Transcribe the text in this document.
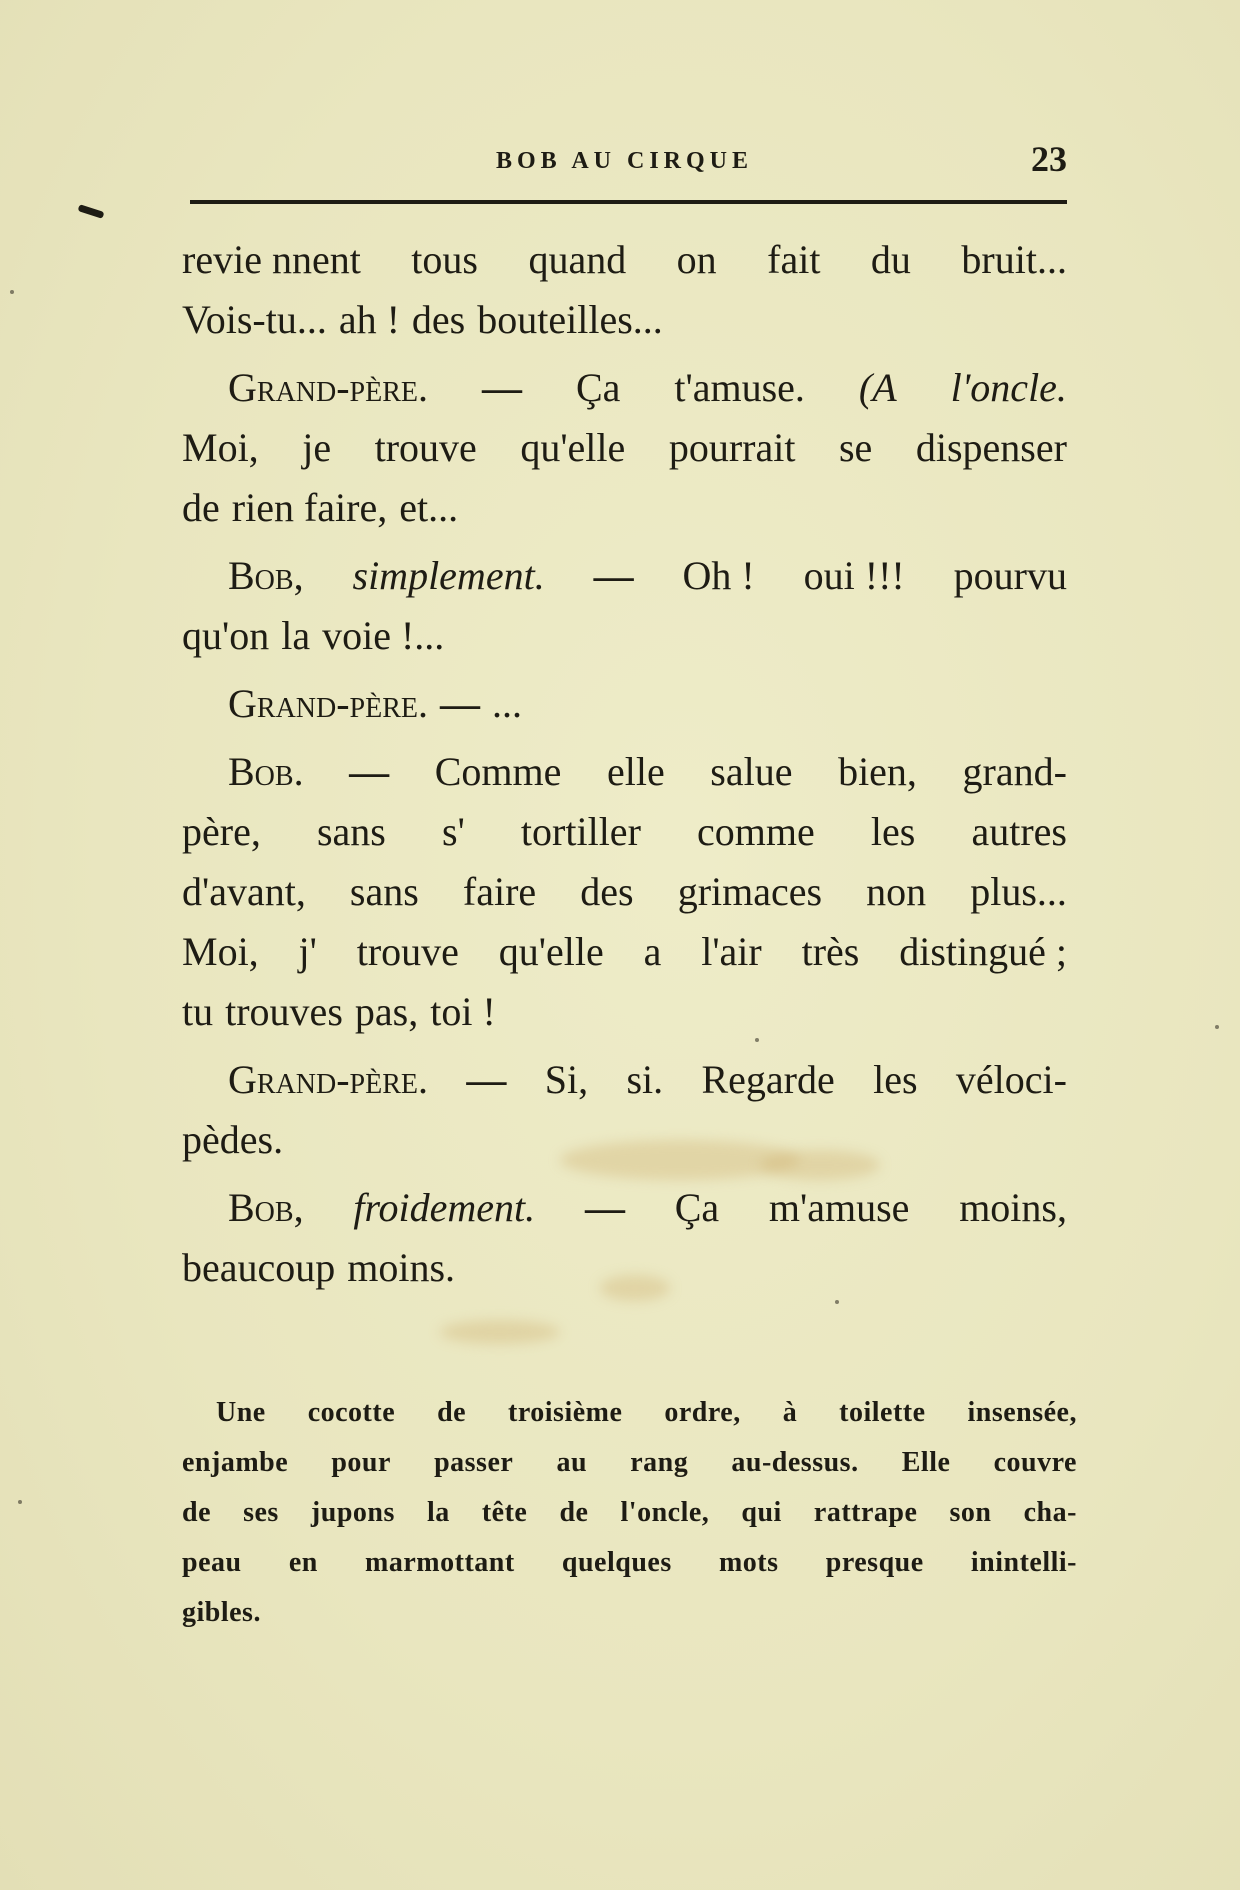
BOB AU CIRQUE	23
revie nnent tous quand on fait du bruit...
Vois-tu... ah ! des bouteilles...
Grand-père. — Ça t'amuse. (A l'oncle.
Moi, je trouve qu'elle pourrait se dispenser
de rien faire, et...
Bob, simplement. — Oh ! oui !!! pourvu
qu'on la voie !...
Grand-père. — ...
Bob. — Comme elle salue bien, grand-
père, sans s' tortiller comme les autres
d'avant, sans faire des grimaces non plus...
Moi, j' trouve qu'elle a l'air très distingué ;
tu trouves pas, toi !
Grand-père. — Si, si. Regarde les véloci-
pèdes.
Bob, froidement. — Ça m'amuse moins,
beaucoup moins.
Une cocotte de troisième ordre, à toilette insensée,
enjambe pour passer au rang au-dessus. Elle couvre
de ses jupons la tête de l'oncle, qui rattrape son cha-
peau en marmottant quelques mots presque inintelli-
gibles.
